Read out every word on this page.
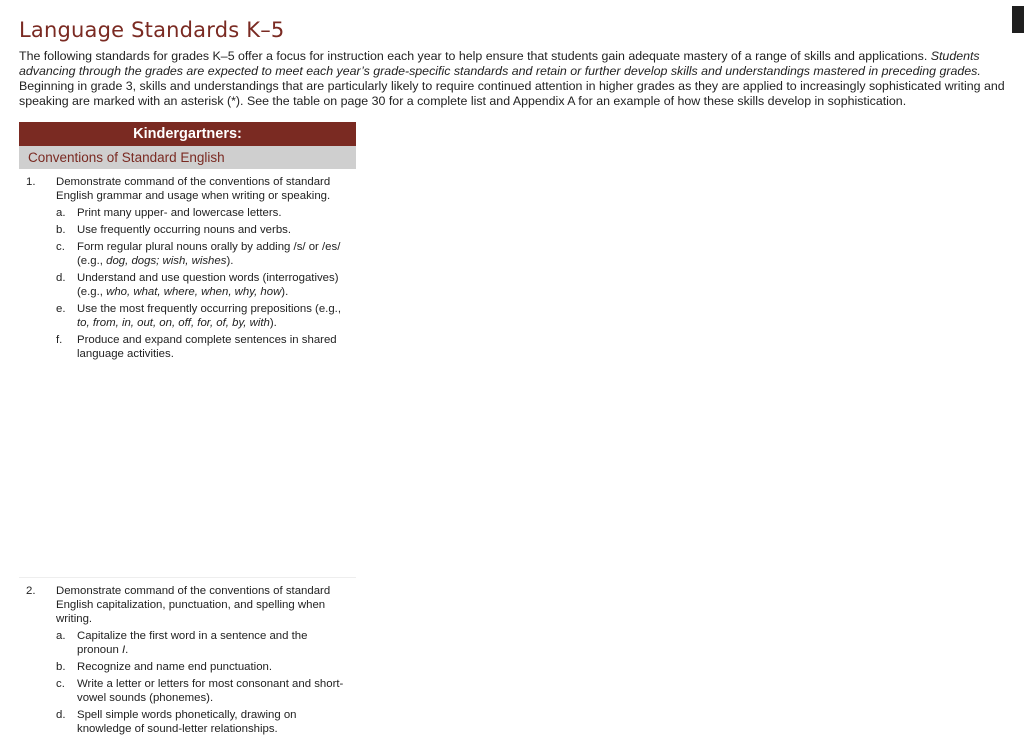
Language Standards K–5

The following standards for grades K–5 offer a focus for instruction each year to help ensure that students gain adequate mastery of a range of skills and applications. Students advancing through the grades are expected to meet each year’s grade-specific standards and retain or further develop skills and understandings mastered in preceding grades. Beginning in grade 3, skills and understandings that are particularly likely to require continued attention in higher grades as they are applied to increasingly sophisticated writing and speaking are marked with an asterisk (*). See the table on page 30 for a complete list and Appendix A for an example of how these skills develop in sophistication.

Kindergartners:
Conventions of Standard English
1.	Demonstrate command of the conventions of standard English grammar and usage when writing or speaking.
a.	Print many upper- and lowercase letters.
b.	Use frequently occurring nouns and verbs.
c.	Form regular plural nouns orally by adding /s/ or /es/ (e.g., dog, dogs; wish, wishes).
d.	Understand and use question words (interrogatives) (e.g., who, what, where, when, why, how).
e.	Use the most frequently occurring prepositions (e.g., to, from, in, out, on, off, for, of, by, with).
f.	Produce and expand complete sentences in shared language activities.
2.	Demonstrate command of the conventions of standard English capitalization, punctuation, and spelling when writing.
a.	Capitalize the first word in a sentence and the pronoun I.
b.	Recognize and name end punctuation.
c.	Write a letter or letters for most consonant and short-vowel sounds (phonemes).
d.	Spell simple words phonetically, drawing on knowledge of sound-letter relationships.
